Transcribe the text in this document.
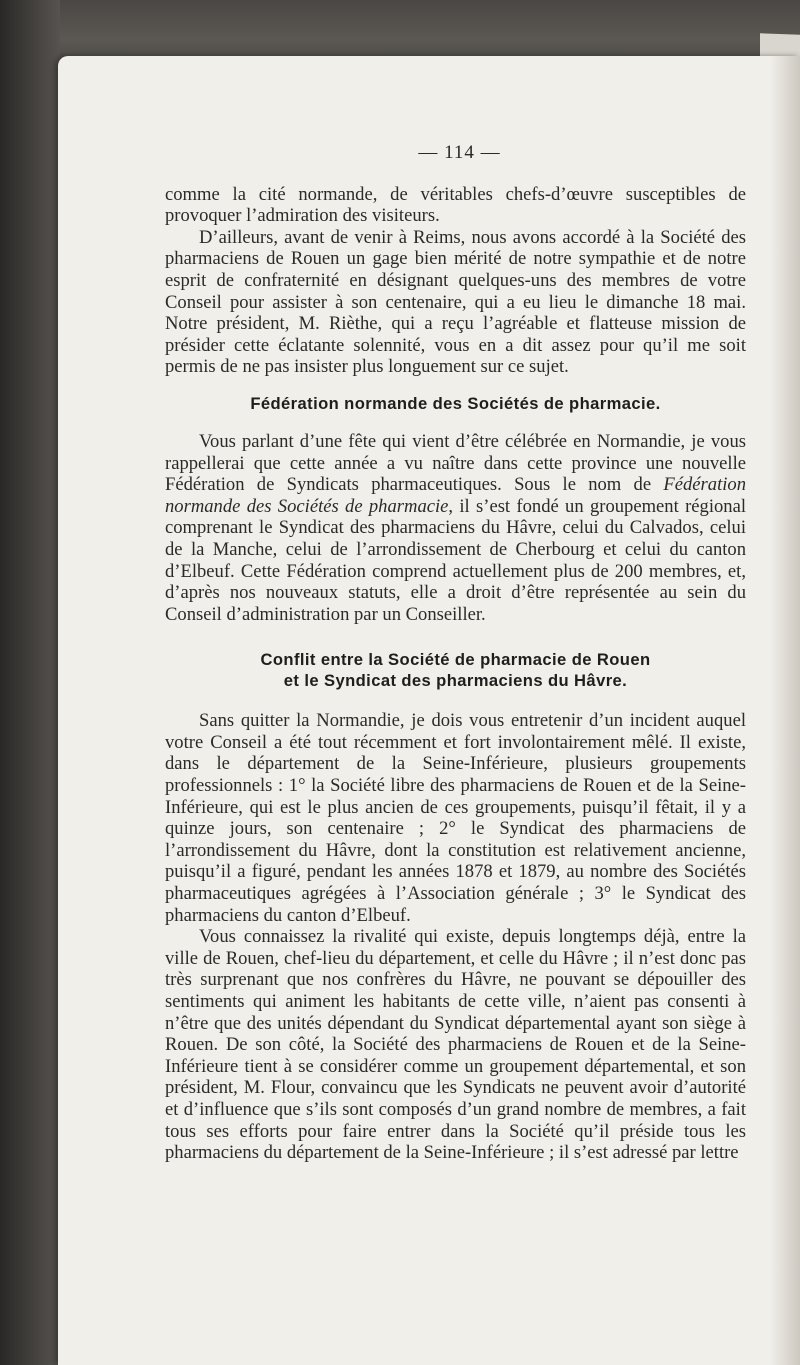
— 114 —

comme la cité normande, de véritables chefs-d’œuvre susceptibles de provoquer l’admiration des visiteurs.

D’ailleurs, avant de venir à Reims, nous avons accordé à la Société des pharmaciens de Rouen un gage bien mérité de notre sympathie et de notre esprit de confraternité en désignant quelques-uns des membres de votre Conseil pour assister à son centenaire, qui a eu lieu le dimanche 18 mai. Notre président, M. Rièthe, qui a reçu l’agréable et flatteuse mission de présider cette éclatante solennité, vous en a dit assez pour qu’il me soit permis de ne pas insister plus longuement sur ce sujet.

Fédération normande des Sociétés de pharmacie.

Vous parlant d’une fête qui vient d’être célébrée en Normandie, je vous rappellerai que cette année a vu naître dans cette province une nouvelle Fédération de Syndicats pharmaceutiques. Sous le nom de Fédération normande des Sociétés de pharmacie, il s’est fondé un groupement régional comprenant le Syndicat des pharmaciens du Hâvre, celui du Calvados, celui de la Manche, celui de l’arrondissement de Cherbourg et celui du canton d’Elbeuf. Cette Fédération comprend actuellement plus de 200 membres, et, d’après nos nouveaux statuts, elle a droit d’être représentée au sein du Conseil d’administration par un Conseiller.

Conflit entre la Société de pharmacie de Rouen
et le Syndicat des pharmaciens du Hâvre.

Sans quitter la Normandie, je dois vous entretenir d’un incident auquel votre Conseil a été tout récemment et fort involontairement mêlé. Il existe, dans le département de la Seine-Inférieure, plusieurs groupements professionnels : 1° la Société libre des pharmaciens de Rouen et de la Seine-Inférieure, qui est le plus ancien de ces groupements, puisqu’il fêtait, il y a quinze jours, son centenaire ; 2° le Syndicat des pharmaciens de l’arrondissement du Hâvre, dont la constitution est relativement ancienne, puisqu’il a figuré, pendant les années 1878 et 1879, au nombre des Sociétés pharmaceutiques agrégées à l’Association générale ; 3° le Syndicat des pharmaciens du canton d’Elbeuf.

Vous connaissez la rivalité qui existe, depuis longtemps déjà, entre la ville de Rouen, chef-lieu du département, et celle du Hâvre ; il n’est donc pas très surprenant que nos confrères du Hâvre, ne pouvant se dépouiller des sentiments qui animent les habitants de cette ville, n’aient pas consenti à n’être que des unités dépendant du Syndicat départemental ayant son siège à Rouen. De son côté, la Société des pharmaciens de Rouen et de la Seine-Inférieure tient à se considérer comme un groupement départemental, et son président, M. Flour, convaincu que les Syndicats ne peuvent avoir d’autorité et d’influence que s’ils sont composés d’un grand nombre de membres, a fait tous ses efforts pour faire entrer dans la Société qu’il préside tous les pharmaciens du département de la Seine-Inférieure ; il s’est adressé par lettre
